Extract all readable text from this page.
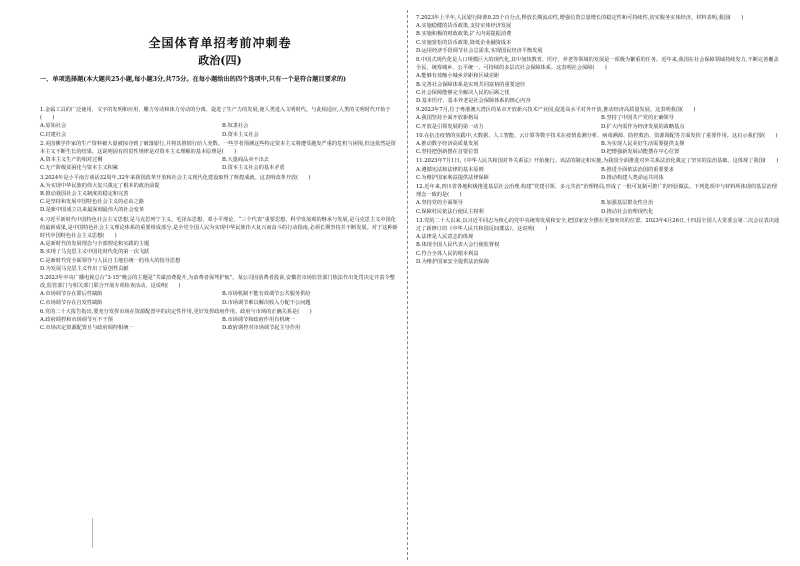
全国体育单招考前冲刺卷
政治(四)
一、单项选择题(本大题共25小题,每小题3分,共75分。在每小题给出的四个选项中,只有一个是符合题目要求的)
1.金属工具的广泛使用、文字的发明和应用、雕力劳动和体力劳动的分离、促进了生产力的发展,使人类进入文明时代。与此相适应,人类的文明时代开始于(　　)
A.原始社会	B.奴隶社会
C.封建社会	D.资本主义社会
2.美国佛学作家的生产资料被大量被掠夺到了破落银行,并将其推销行给人充数。一些学者预测这些特定资本主义将遭受越发严重的危机与困境,但这依然是资本主义不断生长的结果。这说明固有的贯性规律是对资本主义理解的基本原理是(　　)
A.资本主义生产的相对过剩	B.大量商品卖不出去
C.无产阶级贫困化与资本主义积累	D.资本主义社会的基本矛盾
3.2024年是小平南方谈话32周年,32年来我国改革开放和社会主义现代化建设取得了辉煌成就。这表明改革开放(　　)
A.为实现中华民族的伟大复兴奠定了根本的政治前提
B.推动我国社会主义制度的稳定和完善
C.是坚持和发展中国特色社会主义的必由之路
D.是新中国成立以来最深刻最伟大的社会变革
4.习近平新时代中国特色社会主义思想,是马克思列宁主义、毛泽东思想、邓小平理论、“三个代表”重要思想、科学发展观的继承与发展,是马克思主义中国化的最新成果,是中国特色社会主义理论体系的重要组成部分,是全党全国人民为实现中华民族伟大复兴而奋斗的行动指南,必须长期坚持并不断发展。对于这种新时代中国特色社会主义思想(　　)
A.是新时代的发展理念与全部理论和实践的主题
B.实现了马克思主义中国化时代化的第一次飞跃
C.是新时代党全面领导与人民自主地位统一的伟大的指导思想
D.为发展马克思主义作出了原创性贡献
5.2023年中央广播电视总台“3·15”晚会的主题是“共谋消费提升,为消费者保驾护航”。某公司因消费者投诉,安徽省市场监管部门依法作出处罚决定并责令整改,监管部门与相关部门联合开展专项检查活动。这说明(　　)
A.市场调节存在滞后性缺陷	B.市场机制不能有效调节公共服务供给
C.市场调节存在自发性缺陷	D.市场调节难以解决收入分配不公问题
6.党的二十大报告指出,要充分发挥市场在资源配置中的决定性作用,更好发挥政府作用。政府与市场的正确关系是(　　)
A.政府调控和市场调节互不干预	B.市场调节和政府作用有机统一
C.市场决定资源配置且与政府调控相统一	D.政府调控对市场调节起主导作用
7.2023年上半年,人民银行降准0.25个百分点,释放长期流动性,增强信贷总量增长的稳定性和可持续性,切实服务实体经济。材料表明,我国(　　)
A.实施稳健的货币政策,支持实体经济发展
B.实施积极的财政政策,扩大内需提振消费
C.实施宽松的货币政策,降低企业融资成本
D.运用经济手段调节社会总需求,实现国民经济平衡发展
8.中国式现代化是人口规模巨大的现代化,其中加快教育、医疗、养老等领域的发展是一项极为繁重的任务。近年来,我国在社会保障领域持续发力,不断完善覆盖全民、统筹城乡、公平统一、可持续的多层次社会保障体系。这表明社会保障(　　)
A.能够有效缩小城乡差距和区域差距
B.完善社会保障体系是实现共同富裕的重要途径
C.社会保障能够完全解决人民的后顾之忧
D.基本医疗、基本养老是社会保障体系的核心内容
9.2023年7月,位于粤港澳大湾区的某市开放新兴技术产业园,促进高水平对外开放,推动经济高质量发展。这表明我国(　　)
A.我国坚持全面开放新格局	B.坚持了中国共产党的正确领导
C.开放是引领发展的第一动力	D.扩大内需作为经济发展的战略基点
10.在抗击疫情的实践中,大数据、人工智能、云计算等数字技术在疫情监测分析、病毒溯源、防控救治、资源调配等方面发挥了重要作用。这启示我们要(　　)
A.推动数字经济高质量发展	B.为实现人民美好生活需要提供支撑
C.坚持把创新摆在首要位置	D.把增强新发展动能摆在中心位置
11.2023年7月1日,《中华人民共和国对外关系法》开始施行。该法的制定和实施,为我国全面推进对外关系法治化奠定了坚实的法治基础。这体现了我国(　　)
A.遵循宪法和法律的基本原则	B.推进全面依法治国的重要要求
C.为维护国家利益提供法律保障	D.推动构建人类命运共同体
12.近年来,四川省各地积极推进基层社会治理,构建“党建引领、多元共治”治理格局,形成了一批可复制可推广的经验做法。下列选项中与材料所体现的基层治理理念一致的是(　　)
A.坚持党的全面领导	B.加强基层群众性自治
C.保障村民依法行使民主权利	D.推动社会治理现代化
13.党的二十大以来,以习近平同志为核心的党中央统筹发展和安全,把国家安全摆在更加突出的位置。2023年4月26日,十四届全国人大常委会第二次会议表决通过了新修订的《中华人民共和国反间谍法》。这说明(　　)
A.法律是人民意志的体现
B.体现全国人民代表大会行使监督权
C.符合全体人民的根本利益
D.为维护国家安全提供法治保障
